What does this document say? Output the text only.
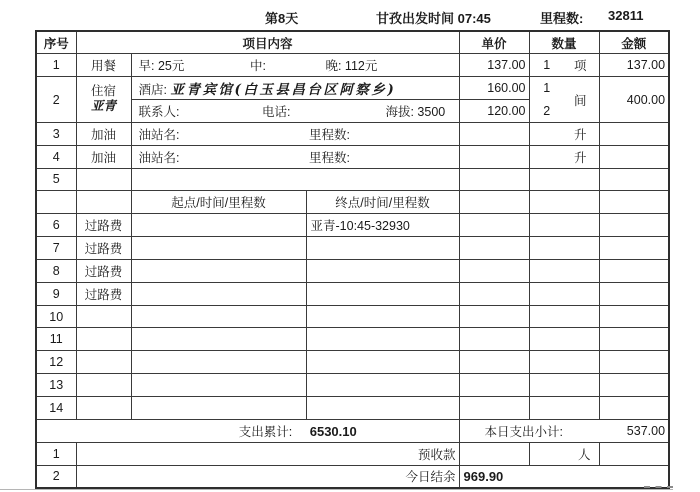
第8天	甘孜出发时间 07:45	里程数: 32811
序号	项目内容			单价	数量		金额
1	用餐	早: 25元 中: 晚: 112元		137.00	1	项	137.00
2	住宿
亚青	酒店: 亚青宾馆(白玉县昌台区阿察乡)		160.00	1	间	400.00
		联系人: 电话: 海拔: 3500		120.00	2		
3	加油	油站名: 里程数:				升	
4	加油	油站名: 里程数:				升	
5							
		起点/时间/里程数	终点/时间/里程数				
6	过路费		亚青-10:45-32930				
7	过路费						
8	过路费						
9	过路费						
10							
11							
12							
13							
14							
支出累计: 6530.10				本日支出小计: 537.00			

1	预收款				人		
2	今日结余			969.90			
